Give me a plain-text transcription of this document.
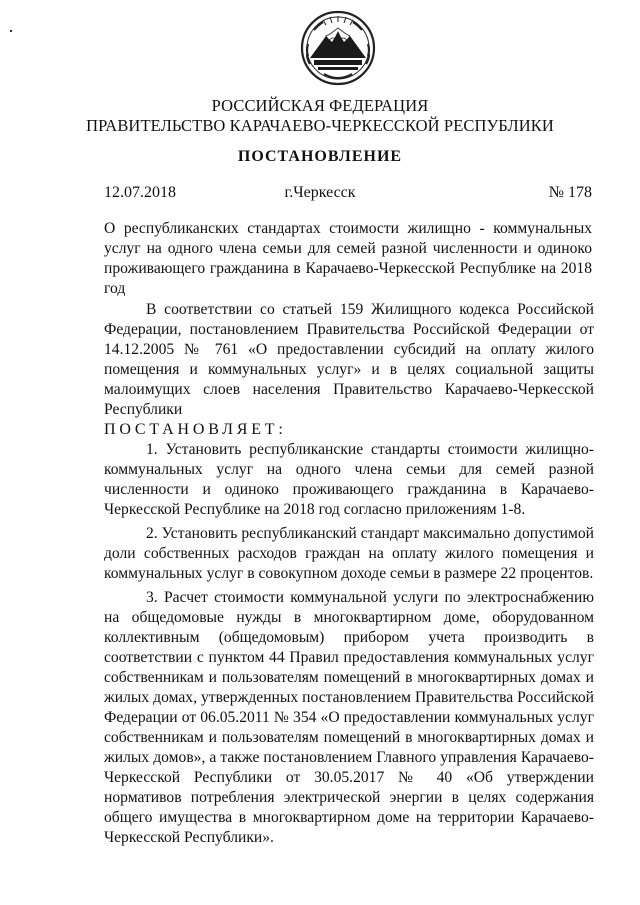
РОССИЙСКАЯ ФЕДЕРАЦИЯ
ПРАВИТЕЛЬСТВО КАРАЧАЕВО-ЧЕРКЕССКОЙ РЕСПУБЛИКИ
ПОСТАНОВЛЕНИЕ
12.07.2018	г.Черкесск	№ 178
О республиканских стандартах стоимости жилищно - коммунальных услуг на одного члена семьи для семей разной численности и одиноко проживающего гражданина в Карачаево-Черкесской Республике на 2018 год

В соответствии со статьей 159 Жилищного кодекса Российской Федерации, постановлением Правительства Российской Федерации от 14.12.2005 № 761 «О предоставлении субсидий на оплату жилого помещения и коммунальных услуг» и в целях социальной защиты малоимущих слоев населения Правительство Карачаево-Черкесской Республики

ПОСТАНОВЛЯЕТ:

1. Установить республиканские стандарты стоимости жилищно-коммунальных услуг на одного члена семьи для семей разной численности и одиноко проживающего гражданина в Карачаево-Черкесской Республике на 2018 год согласно приложениям 1-8.

2. Установить республиканский стандарт максимально допустимой доли собственных расходов граждан на оплату жилого помещения и коммунальных услуг в совокупном доходе семьи в размере 22 процентов.

3. Расчет стоимости коммунальной услуги по электроснабжению на общедомовые нужды в многоквартирном доме, оборудованном коллективным (общедомовым) прибором учета производить в соответствии с пунктом 44 Правил предоставления коммунальных услуг собственникам и пользователям помещений в многоквартирных домах и жилых домах, утвержденных постановлением Правительства Российской Федерации от 06.05.2011 № 354 «О предоставлении коммунальных услуг собственникам и пользователям помещений в многоквартирных домах и жилых домов», а также постановлением Главного управления Карачаево-Черкесской Республики от 30.05.2017 № 40 «Об утверждении нормативов потребления электрической энергии в целях содержания общего имущества в многоквартирном доме на территории Карачаево-Черкесской Республики».
